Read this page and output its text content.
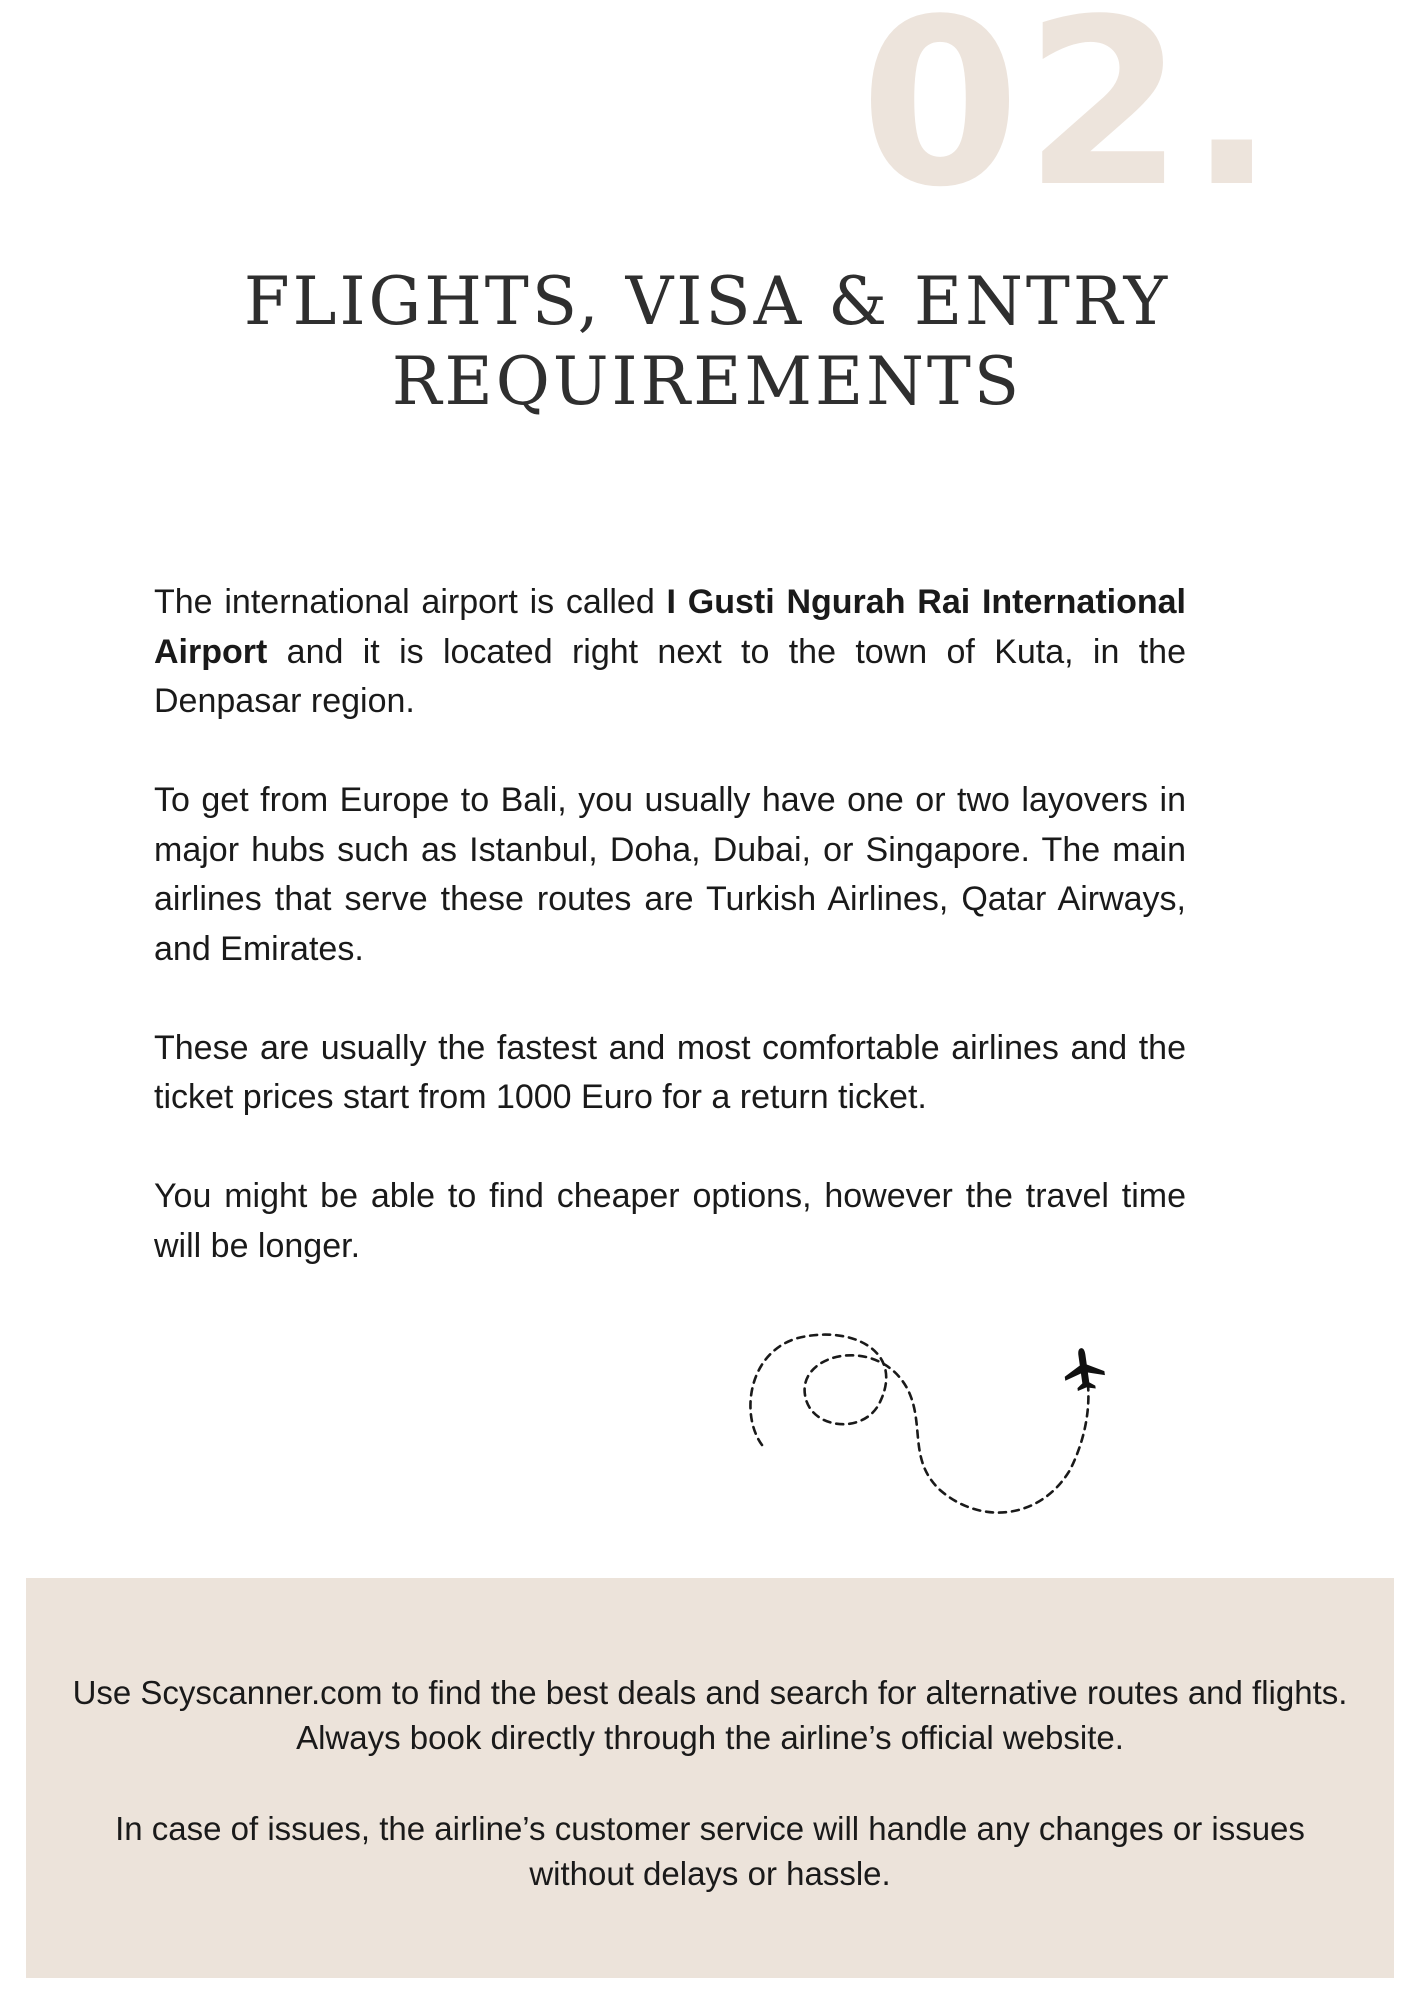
02.
FLIGHTS, VISA & ENTRY
REQUIREMENTS

The international airport is called I Gusti Ngurah Rai International Airport and it is located right next to the town of Kuta, in the Denpasar region.

To get from Europe to Bali, you usually have one or two layovers in major hubs such as Istanbul, Doha, Dubai, or Singapore. The main airlines that serve these routes are Turkish Airlines, Qatar Airways, and Emirates.

These are usually the fastest and most comfortable airlines and the ticket prices start from 1000 Euro for a return ticket.

You might be able to find cheaper options, however the travel time will be longer.

Use Scyscanner.com to find the best deals and search for alternative routes and flights. Always book directly through the airline’s official website.

In case of issues, the airline’s customer service will handle any changes or issues without delays or hassle.
